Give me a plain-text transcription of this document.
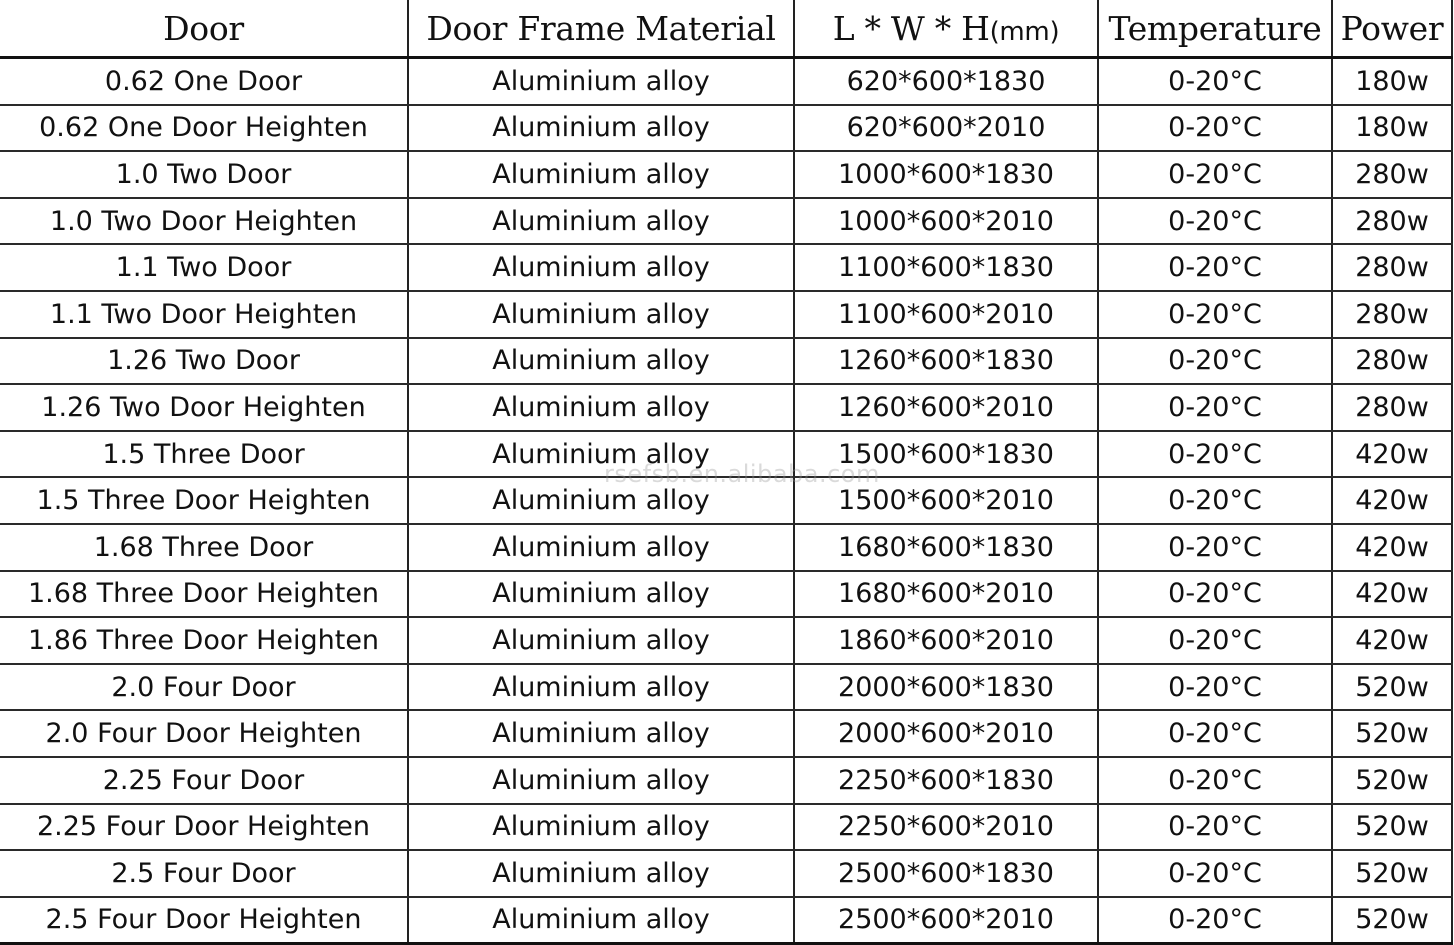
Door	Door Frame Material	L * W * H(mm)	Temperature	Power
0.62 One Door	Aluminium alloy	620*600*1830	0-20°C	180w
0.62 One Door Heighten	Aluminium alloy	620*600*2010	0-20°C	180w
1.0 Two Door	Aluminium alloy	1000*600*1830	0-20°C	280w
1.0 Two Door Heighten	Aluminium alloy	1000*600*2010	0-20°C	280w
1.1 Two Door	Aluminium alloy	1100*600*1830	0-20°C	280w
1.1 Two Door Heighten	Aluminium alloy	1100*600*2010	0-20°C	280w
1.26 Two Door	Aluminium alloy	1260*600*1830	0-20°C	280w
1.26 Two Door Heighten	Aluminium alloy	1260*600*2010	0-20°C	280w
1.5 Three Door	Aluminium alloy	1500*600*1830	0-20°C	420w
1.5 Three Door Heighten	Aluminium alloy	1500*600*2010	0-20°C	420w
1.68 Three Door	Aluminium alloy	1680*600*1830	0-20°C	420w
1.68 Three Door Heighten	Aluminium alloy	1680*600*2010	0-20°C	420w
1.86 Three Door Heighten	Aluminium alloy	1860*600*2010	0-20°C	420w
2.0 Four Door	Aluminium alloy	2000*600*1830	0-20°C	520w
2.0 Four Door Heighten	Aluminium alloy	2000*600*2010	0-20°C	520w
2.25 Four Door	Aluminium alloy	2250*600*1830	0-20°C	520w
2.25 Four Door Heighten	Aluminium alloy	2250*600*2010	0-20°C	520w
2.5 Four Door	Aluminium alloy	2500*600*1830	0-20°C	520w
2.5 Four Door Heighten	Aluminium alloy	2500*600*2010	0-20°C	520w
rsefsb.en.alibaba.com
